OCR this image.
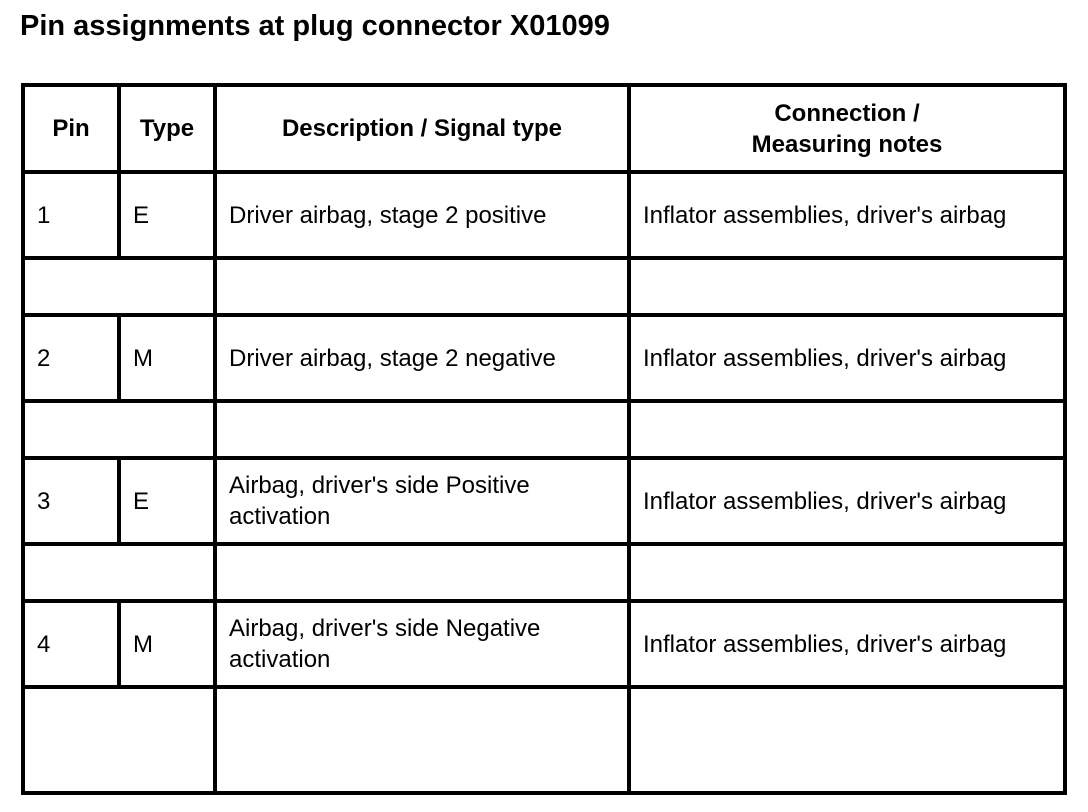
Pin assignments at plug connector X01099
Pin	Type	Description / Signal type	Connection /
Measuring notes
1	E	Driver airbag, stage 2 positive	Inflator assemblies, driver's airbag

2	M	Driver airbag, stage 2 negative	Inflator assemblies, driver's airbag

3	E	Airbag, driver's side Positive activation	Inflator assemblies, driver's airbag

4	M	Airbag, driver's side Negative activation	Inflator assemblies, driver's airbag
